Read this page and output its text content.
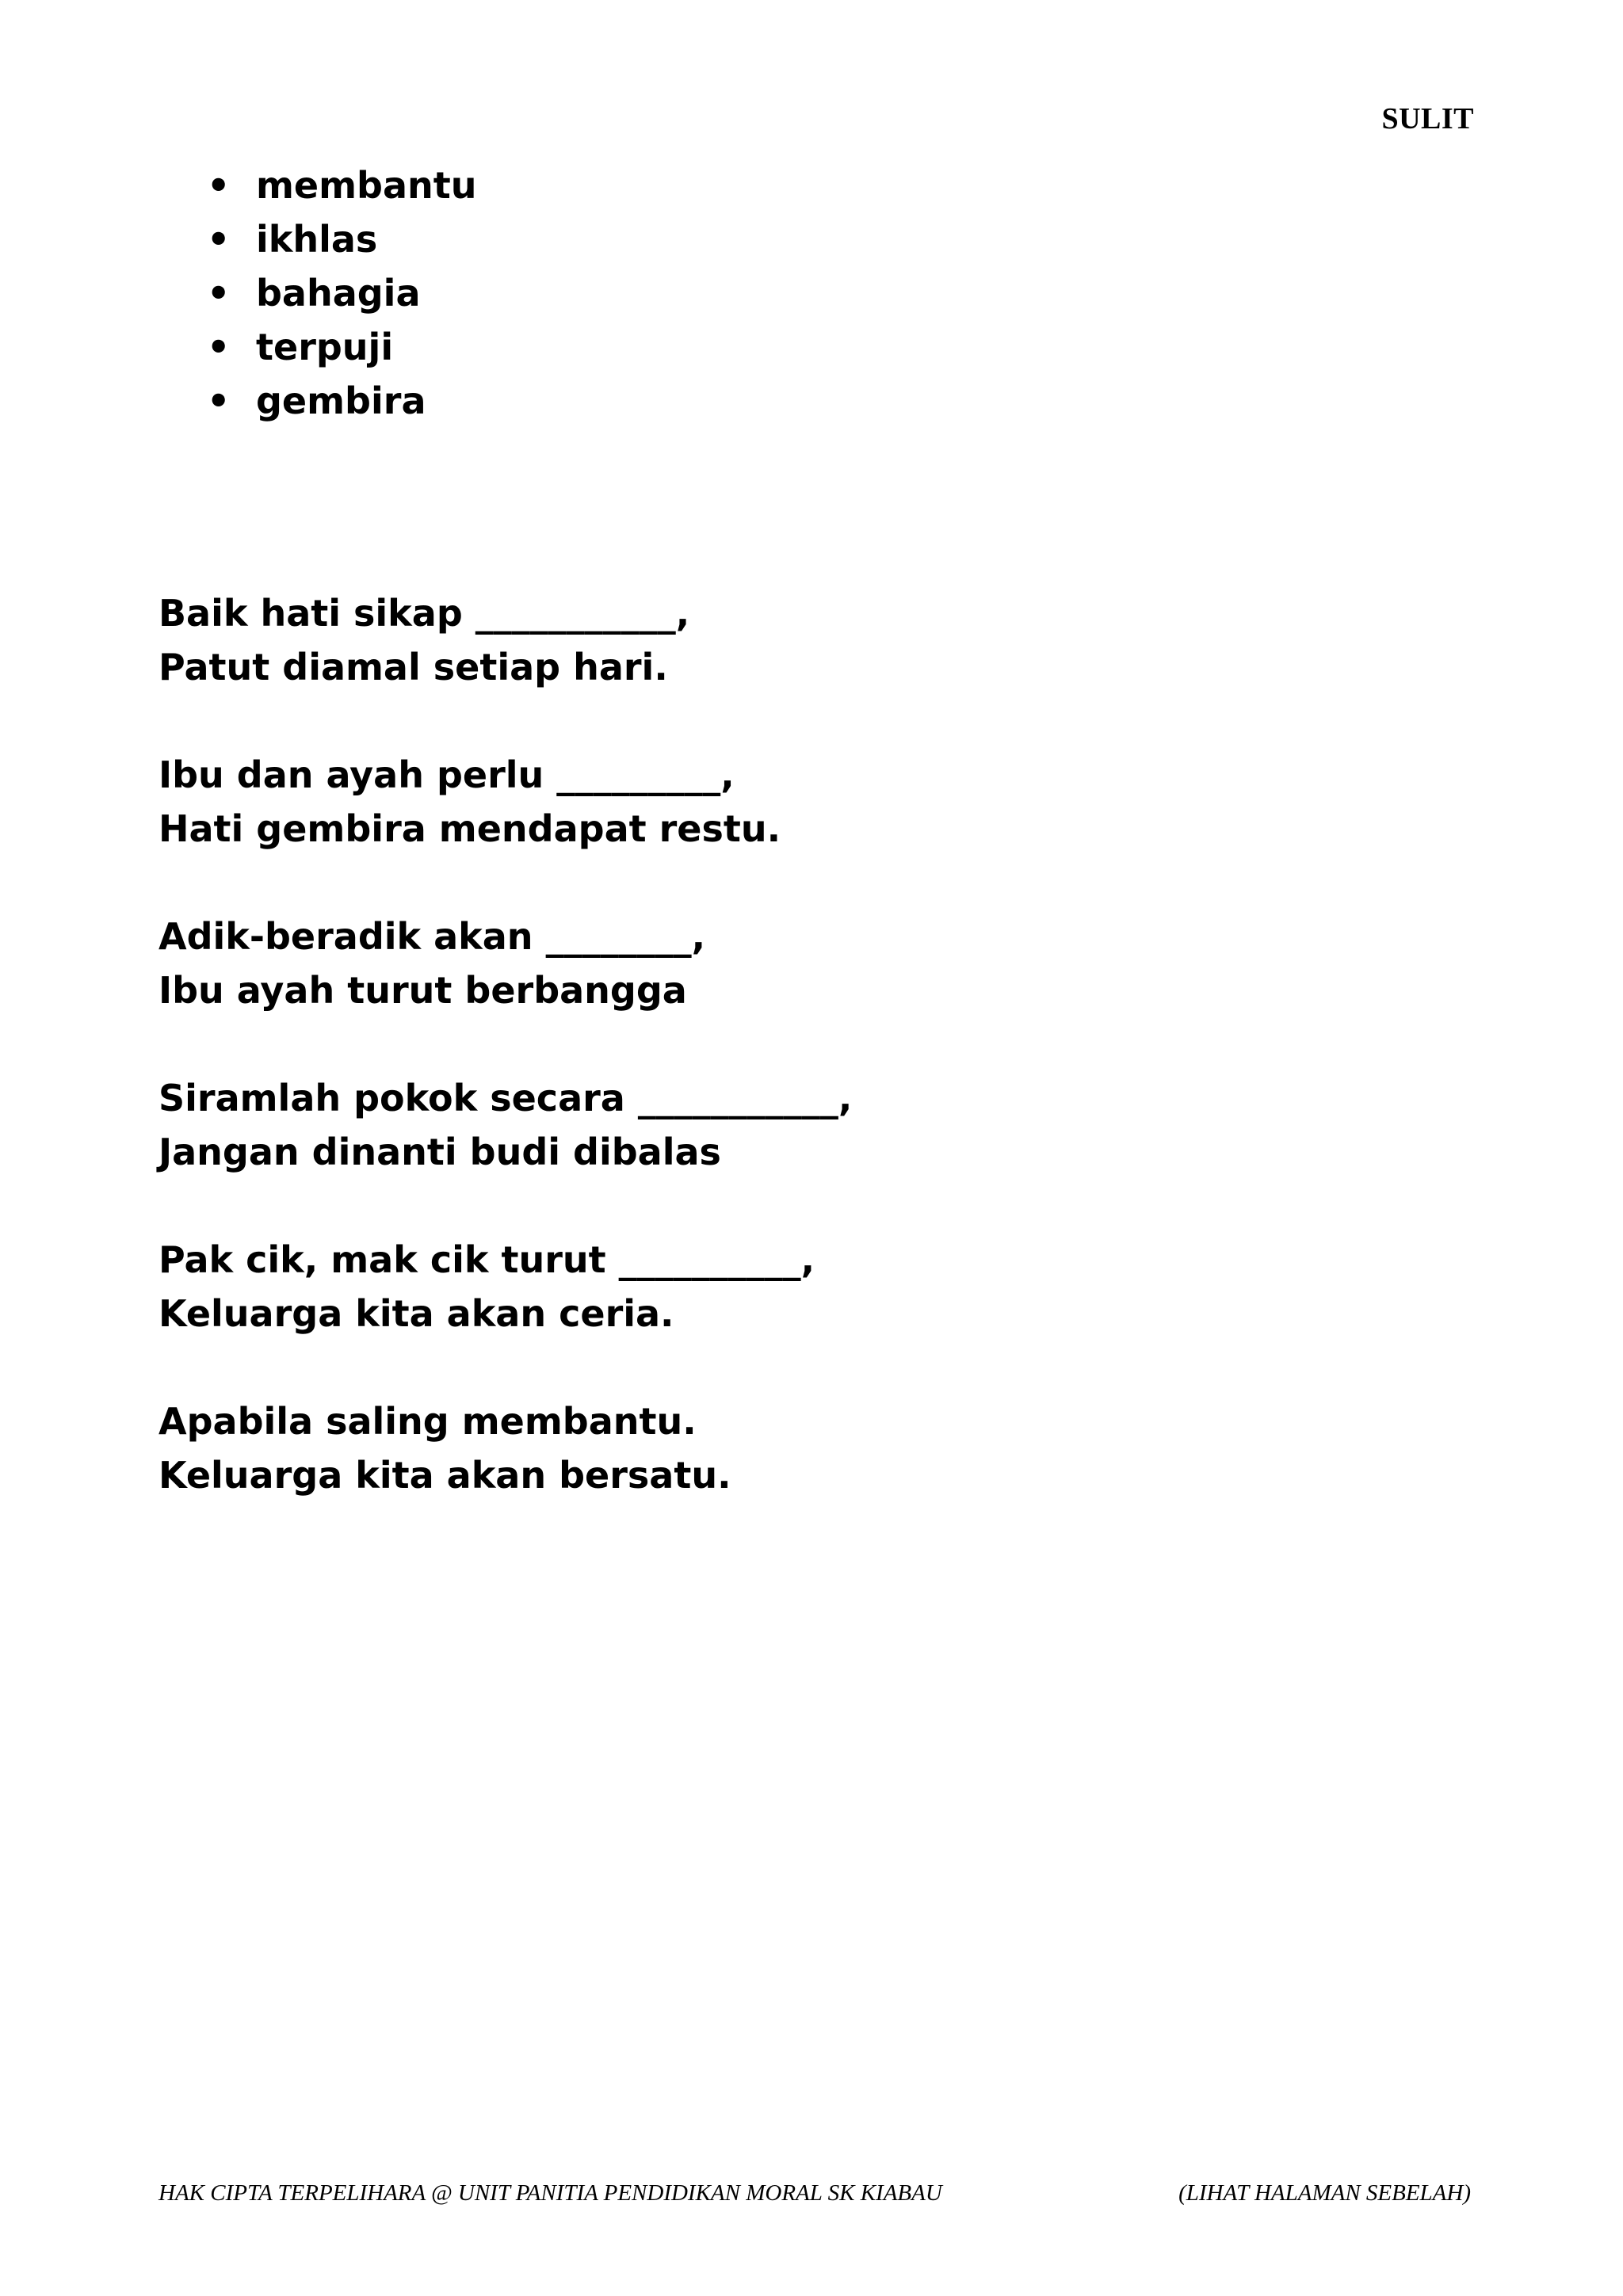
SULIT
• membantu
• ikhlas
• bahagia
• terpuji
• gembira
Baik hati sikap ___________,
Patut diamal setiap hari.
Ibu dan ayah perlu _________,
Hati gembira mendapat restu.
Adik-beradik akan ________,
Ibu ayah turut berbangga
Siramlah pokok secara ___________,
Jangan dinanti budi dibalas
Pak cik, mak cik turut __________,
Keluarga kita akan ceria.
Apabila saling membantu.
Keluarga kita akan bersatu.
HAK CIPTA TERPELIHARA @ UNIT PANITIA PENDIDIKAN MORAL SK KIABAU	(LIHAT HALAMAN SEBELAH)
